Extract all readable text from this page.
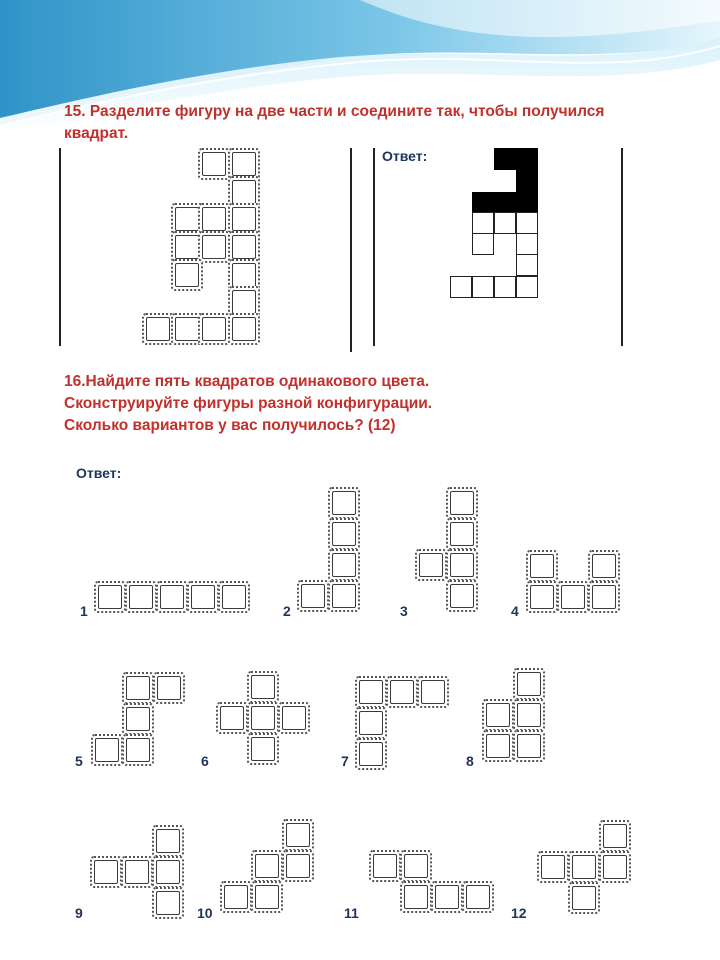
15. Разделите фигуру на две части и соедините так, чтобы получился
квадрат.

Ответ:

16.Найдите пять квадратов одинакового цвета.
Сконструируйте фигуры разной конфигурации.
Сколько вариантов у вас получилось? (12)

Ответ:
1	2	3	4
5	6	7	8
9	10	11	12
